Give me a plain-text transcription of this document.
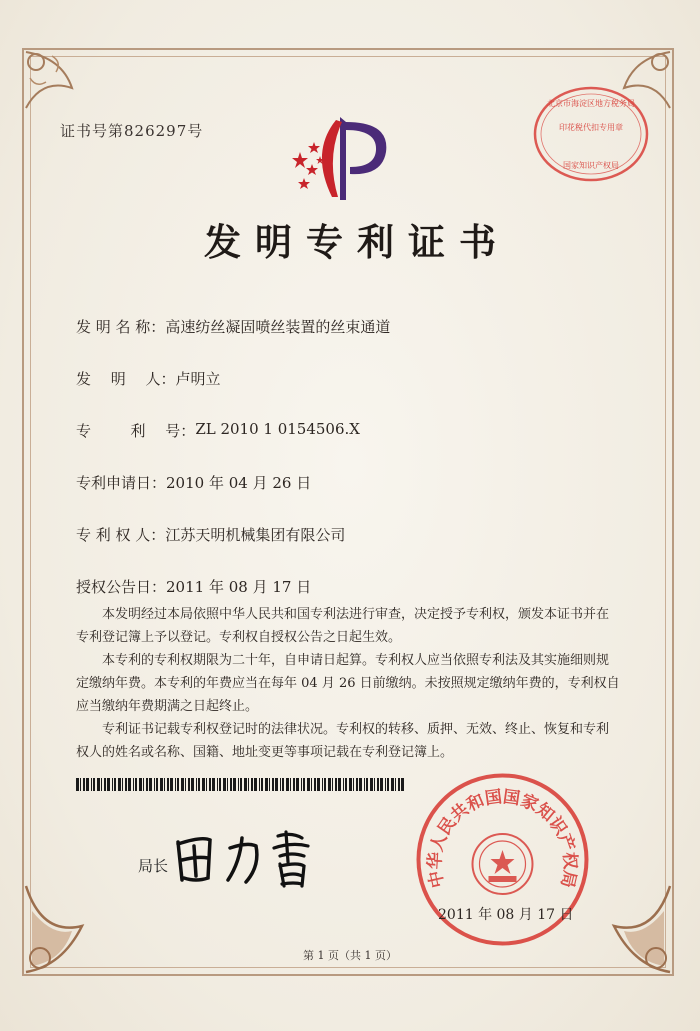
证书号第826297号
北京市海淀区地方税务局
印花税代扣专用章
国家知识产权局
发明专利证书
发 明 名 称： 高速纺丝凝固喷丝装置的丝束通道
发　 明　 人： 卢明立
专　 　 利　 号： ZL 2010 1 0154506.X
专利申请日： 2010 年 04 月 26 日
专 利 权 人： 江苏天明机械集团有限公司
授权公告日： 2011 年 08 月 17 日

本发明经过本局依照中华人民共和国专利法进行审查，决定授予专利权，颁发本证书并在专利登记簿上予以登记。专利权自授权公告之日起生效。

本专利的专利权期限为二十年，自申请日起算。专利权人应当依照专利法及其实施细则规定缴纳年费。本专利的年费应当在每年 04 月 26 日前缴纳。未按照规定缴纳年费的，专利权自应当缴纳年费期满之日起终止。

专利证书记载专利权登记时的法律状况。专利权的转移、质押、无效、终止、恢复和专利权人的姓名或名称、国籍、地址变更等事项记载在专利登记簿上。

局长
中华人民共和国国家知识产权局
2011 年 08 月 17 日
第 1 页（共 1 页）
